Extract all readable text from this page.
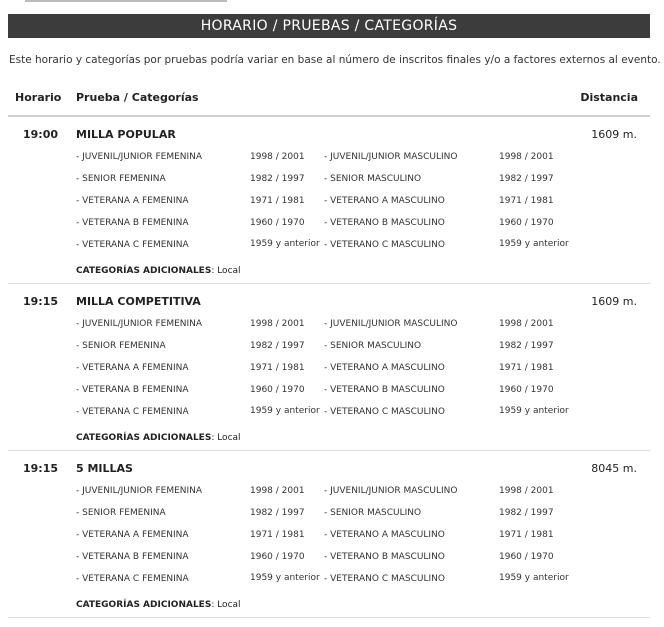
HORARIO / PRUEBAS / CATEGORÍAS
Este horario y categorías por pruebas podría variar en base al número de inscritos finales y/o a factores externos al evento.
Horario Prueba / Categorías	Distancia
19:00 MILLA POPULAR	1609 m.
- JUVENIL/JUNIOR FEMENINA	1998 / 2001 - JUVENIL/JUNIOR MASCULINO	1998 / 2001
- SENIOR FEMENINA	1982 / 1997 - SENIOR MASCULINO	1982 / 1997
- VETERANA A FEMENINA	1971 / 1981 - VETERANO A MASCULINO	1971 / 1981
- VETERANA B FEMENINA	1960 / 1970 - VETERANO B MASCULINO	1960 / 1970
- VETERANA C FEMENINA	1959 y anterior - VETERANO C MASCULINO	1959 y anterior
CATEGORÍAS ADICIONALES: Local
19:15 MILLA COMPETITIVA	1609 m.
- JUVENIL/JUNIOR FEMENINA	1998 / 2001 - JUVENIL/JUNIOR MASCULINO	1998 / 2001
- SENIOR FEMENINA	1982 / 1997 - SENIOR MASCULINO	1982 / 1997
- VETERANA A FEMENINA	1971 / 1981 - VETERANO A MASCULINO	1971 / 1981
- VETERANA B FEMENINA	1960 / 1970 - VETERANO B MASCULINO	1960 / 1970
- VETERANA C FEMENINA	1959 y anterior - VETERANO C MASCULINO	1959 y anterior
CATEGORÍAS ADICIONALES: Local
19:15 5 MILLAS	8045 m.
- JUVENIL/JUNIOR FEMENINA	1998 / 2001 - JUVENIL/JUNIOR MASCULINO	1998 / 2001
- SENIOR FEMENINA	1982 / 1997 - SENIOR MASCULINO	1982 / 1997
- VETERANA A FEMENINA	1971 / 1981 - VETERANO A MASCULINO	1971 / 1981
- VETERANA B FEMENINA	1960 / 1970 - VETERANO B MASCULINO	1960 / 1970
- VETERANA C FEMENINA	1959 y anterior - VETERANO C MASCULINO	1959 y anterior
CATEGORÍAS ADICIONALES: Local
